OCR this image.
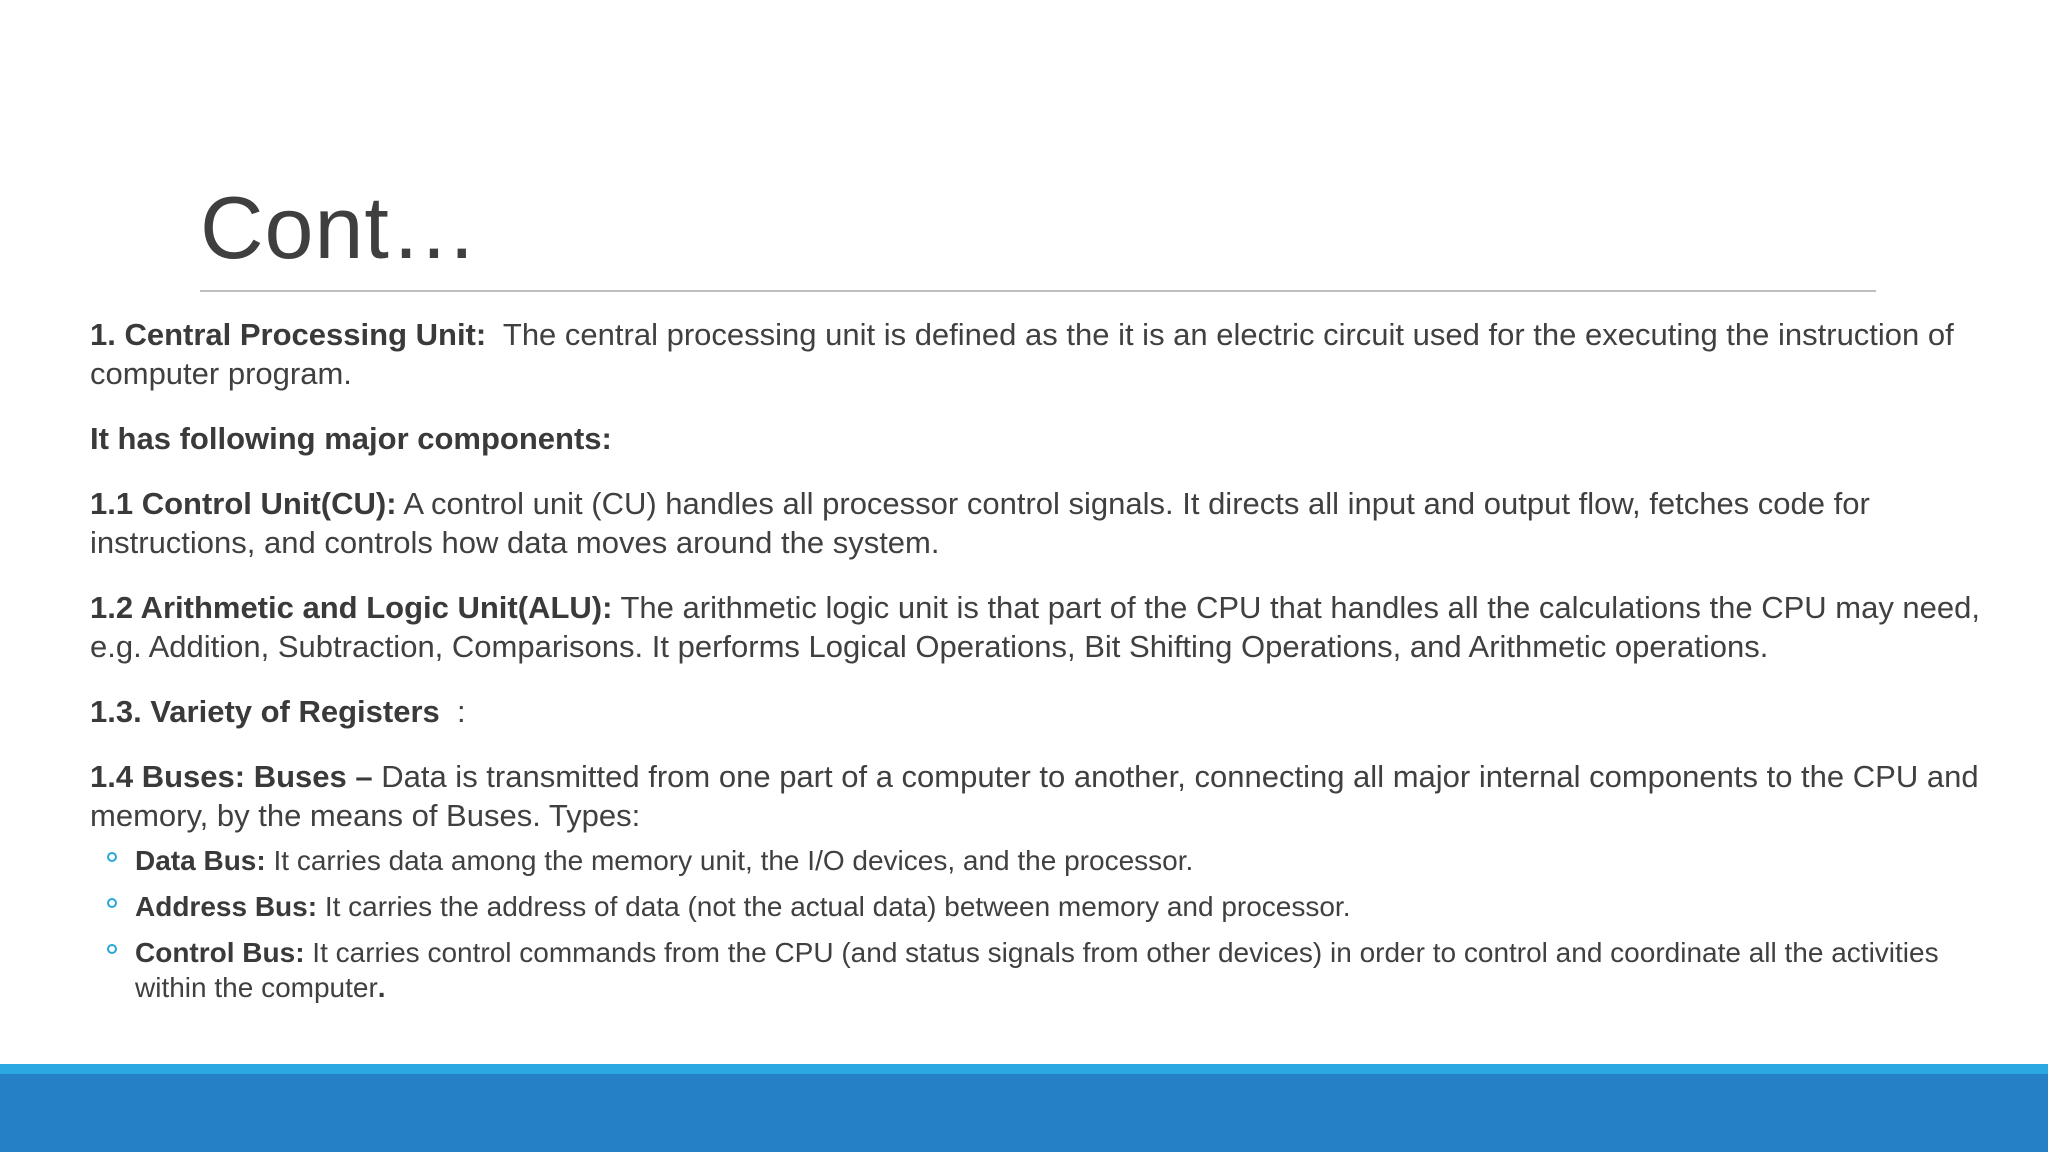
Cont…

1. Central Processing Unit:  The central processing unit is defined as the it is an electric circuit used for the executing the instruction of computer program.

It has following major components:

1.1 Control Unit(CU): A control unit (CU) handles all processor control signals. It directs all input and output flow, fetches code for instructions, and controls how data moves around the system.

1.2 Arithmetic and Logic Unit(ALU): The arithmetic logic unit is that part of the CPU that handles all the calculations the CPU may need, e.g. Addition, Subtraction, Comparisons. It performs Logical Operations, Bit Shifting Operations, and Arithmetic operations.

1.3. Variety of Registers  :

1.4 Buses: Buses – Data is transmitted from one part of a computer to another, connecting all major internal components to the CPU and memory, by the means of Buses. Types:

Data Bus: It carries data among the memory unit, the I/O devices, and the processor.
Address Bus: It carries the address of data (not the actual data) between memory and processor.
Control Bus: It carries control commands from the CPU (and status signals from other devices) in order to control and coordinate all the activities within the computer.
